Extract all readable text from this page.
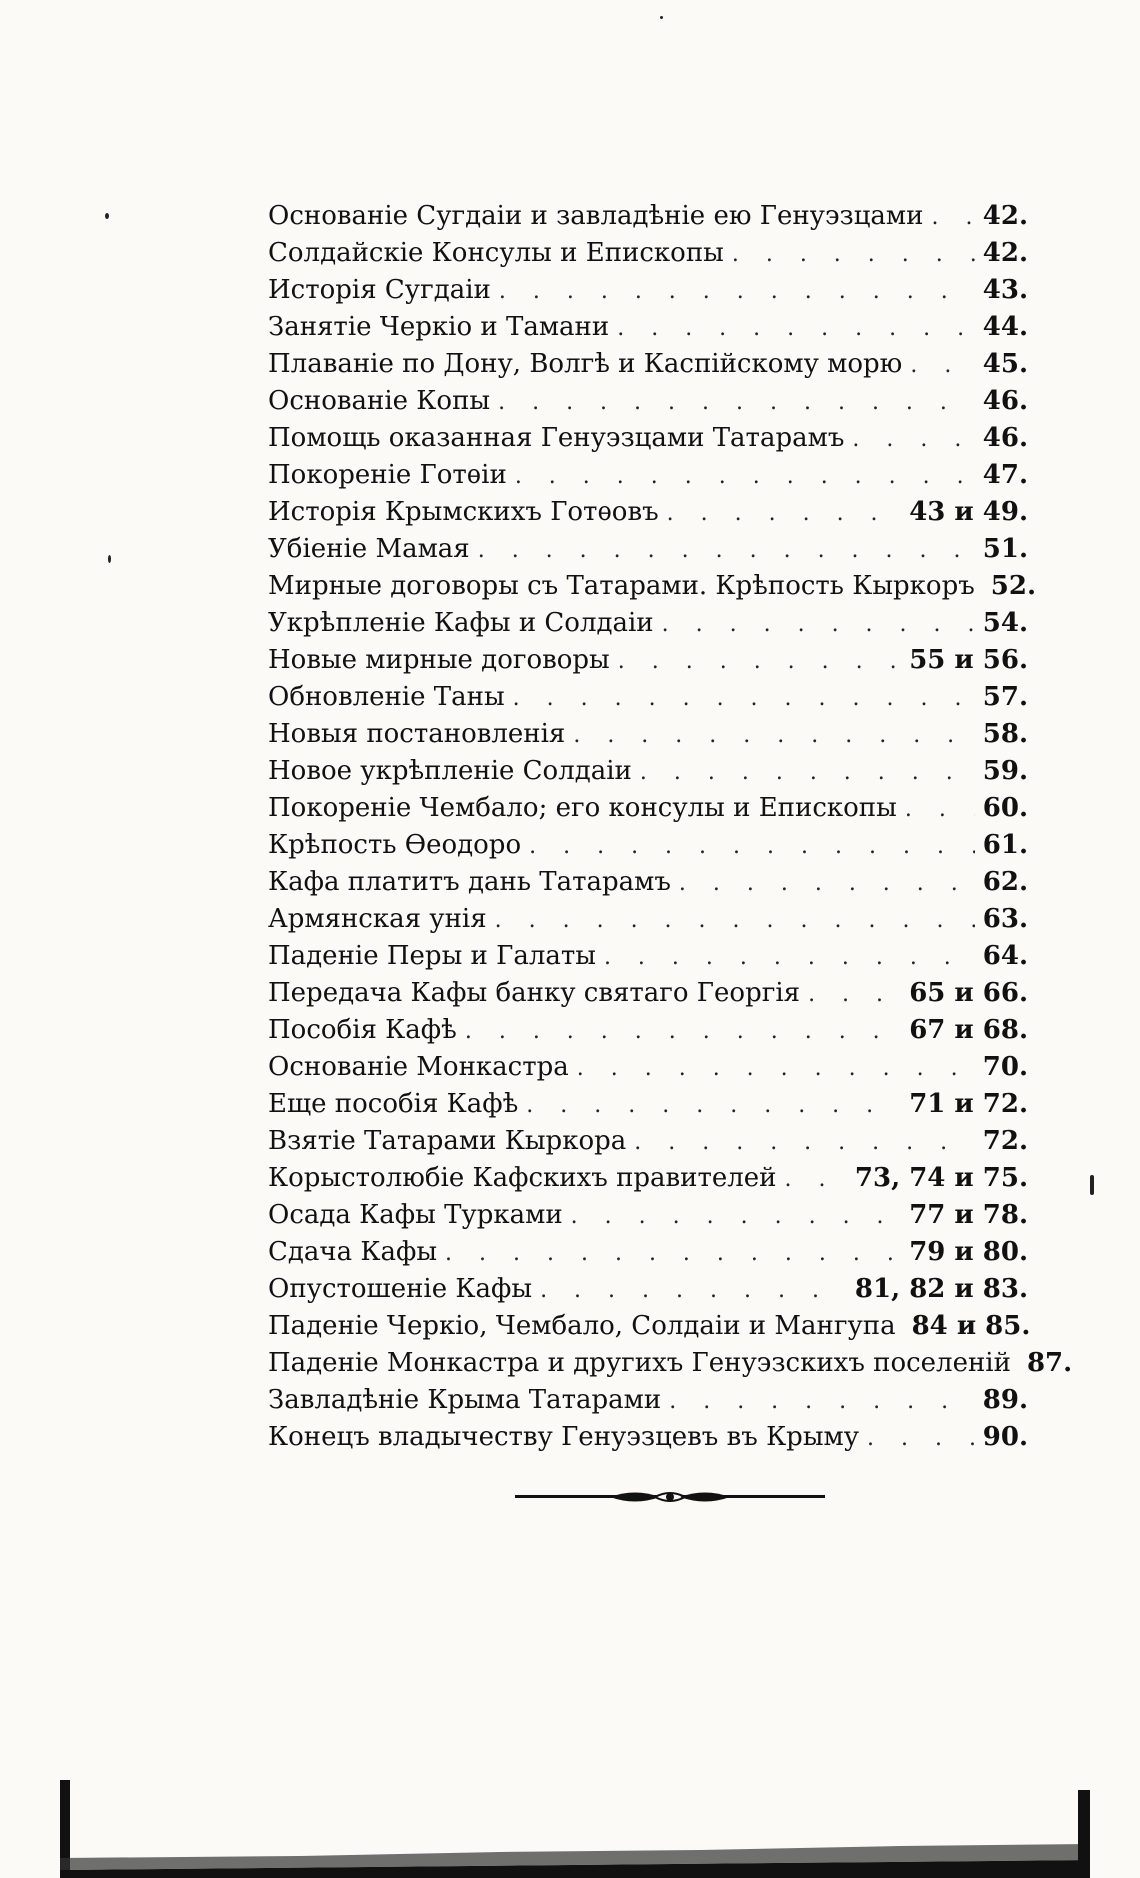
Основаніе Сугдаіи и завладѣніе ею Генуэзцами . . . 42.
Солдайскіе Консулы и Епископы . . .	42.
Исторія Сугдаіи . . .	43.
Занятіе Черкіо и Тамани . . .	44.
Плаваніе по Дону, Волгѣ и Каспійскому морю . . .	45.
Основаніе Копы . . .	46.
Помощь оказанная Генуэзцами Татарамъ . . .	46.
Покореніе Готѳіи . . .	47.
Исторія Крымскихъ Готѳовъ . . .	43 и 49.
Убіеніе Мамая . . .	51.
Мирные договоры съ Татарами. Крѣпость Кыркоръ 52.
Укрѣпленіе Кафы и Солдаіи . . .	54.
Новые мирные договоры . . .	55 и 56.
Обновленіе Таны . . .	57.
Новыя постановленія . . .	58.
Новое укрѣпленіе Солдаіи . . .	59.
Покореніе Чембало; его консулы и Епископы . . .	60.
Крѣпость Ѳеодоро . . .	61.
Кафа платитъ дань Татарамъ . . .	62.
Армянская унія . . .	63.
Паденіе Перы и Галаты . . .	64.
Передача Кафы банку святаго Георгія . . .	65 и 66.
Пособія Кафѣ . . .	67 и 68.
Основаніе Монкастра . . .	70.
Еще пособія Кафѣ . . .	71 и 72.
Взятіе Татарами Кыркора . . .	72.
Корыстолюбіе Кафскихъ правителей . . .	73, 74 и 75.
Осада Кафы Турками . . .	77 и 78.
Сдача Кафы . . .	79 и 80.
Опустошеніе Кафы . . .	81, 82 и 83.
Паденіе Черкіо, Чембало, Солдаіи и Мангупа 84 и 85.
Паденіе Монкастра и другихъ Генуэзскихъ поселеній 87.
Завладѣніе Крыма Татарами . . .	89.
Конецъ владычеству Генуэзцевъ въ Крыму . . .	90.
